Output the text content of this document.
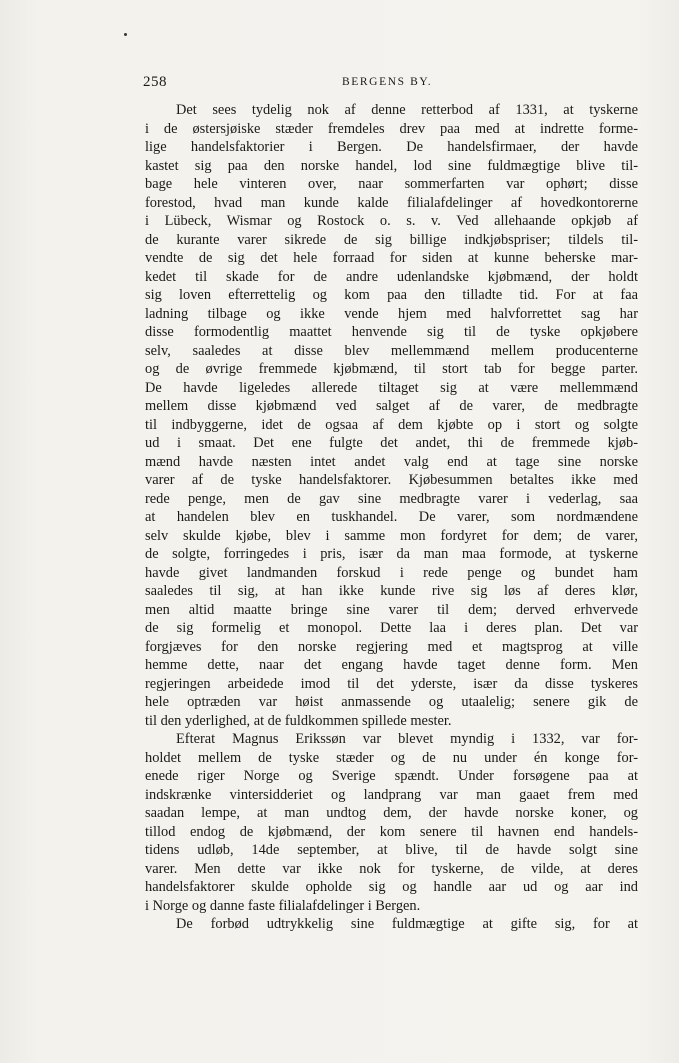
258	BERGENS BY.
Det sees tydelig nok af denne retterbod af 1331, at tyskerne
i de østersjøiske stæder fremdeles drev paa med at indrette forme-
lige handelsfaktorier i Bergen. De handelsfirmaer, der havde
kastet sig paa den norske handel, lod sine fuldmægtige blive til-
bage hele vinteren over, naar sommerfarten var ophørt; disse
forestod, hvad man kunde kalde filialafdelinger af hovedkontorerne
i Lübeck, Wismar og Rostock o. s. v. Ved allehaande opkjøb af
de kurante varer sikrede de sig billige indkjøbspriser; tildels til-
vendte de sig det hele forraad for siden at kunne beherske mar-
kedet til skade for de andre udenlandske kjøbmænd, der holdt
sig loven efterrettelig og kom paa den tilladte tid. For at faa
ladning tilbage og ikke vende hjem med halvforrettet sag har
disse formodentlig maattet henvende sig til de tyske opkjøbere
selv, saaledes at disse blev mellemmænd mellem producenterne
og de øvrige fremmede kjøbmænd, til stort tab for begge parter.
De havde ligeledes allerede tiltaget sig at være mellemmænd
mellem disse kjøbmænd ved salget af de varer, de medbragte
til indbyggerne, idet de ogsaa af dem kjøbte op i stort og solgte
ud i smaat. Det ene fulgte det andet, thi de fremmede kjøb-
mænd havde næsten intet andet valg end at tage sine norske
varer af de tyske handelsfaktorer. Kjøbesummen betaltes ikke med
rede penge, men de gav sine medbragte varer i vederlag, saa
at handelen blev en tuskhandel. De varer, som nordmændene
selv skulde kjøbe, blev i samme mon fordyret for dem; de varer,
de solgte, forringedes i pris, især da man maa formode, at tyskerne
havde givet landmanden forskud i rede penge og bundet ham
saaledes til sig, at han ikke kunde rive sig løs af deres klør,
men altid maatte bringe sine varer til dem; derved erhvervede
de sig formelig et monopol. Dette laa i deres plan. Det var
forgjæves for den norske regjering med et magtsprog at ville
hemme dette, naar det engang havde taget denne form. Men
regjeringen arbeidede imod til det yderste, især da disse tyskeres
hele optræden var høist anmassende og utaalelig; senere gik de
til den yderlighed, at de fuldkommen spillede mester.
Efterat Magnus Erikssøn var blevet myndig i 1332, var for-
holdet mellem de tyske stæder og de nu under én konge for-
enede riger Norge og Sverige spændt. Under forsøgene paa at
indskrænke vintersidderiet og landprang var man gaaet frem med
saadan lempe, at man undtog dem, der havde norske koner, og
tillod endog de kjøbmænd, der kom senere til havnen end handels-
tidens udløb, 14de september, at blive, til de havde solgt sine
varer. Men dette var ikke nok for tyskerne, de vilde, at deres
handelsfaktorer skulde opholde sig og handle aar ud og aar ind
i Norge og danne faste filialafdelinger i Bergen.
De forbød udtrykkelig sine fuldmægtige at gifte sig, for at
